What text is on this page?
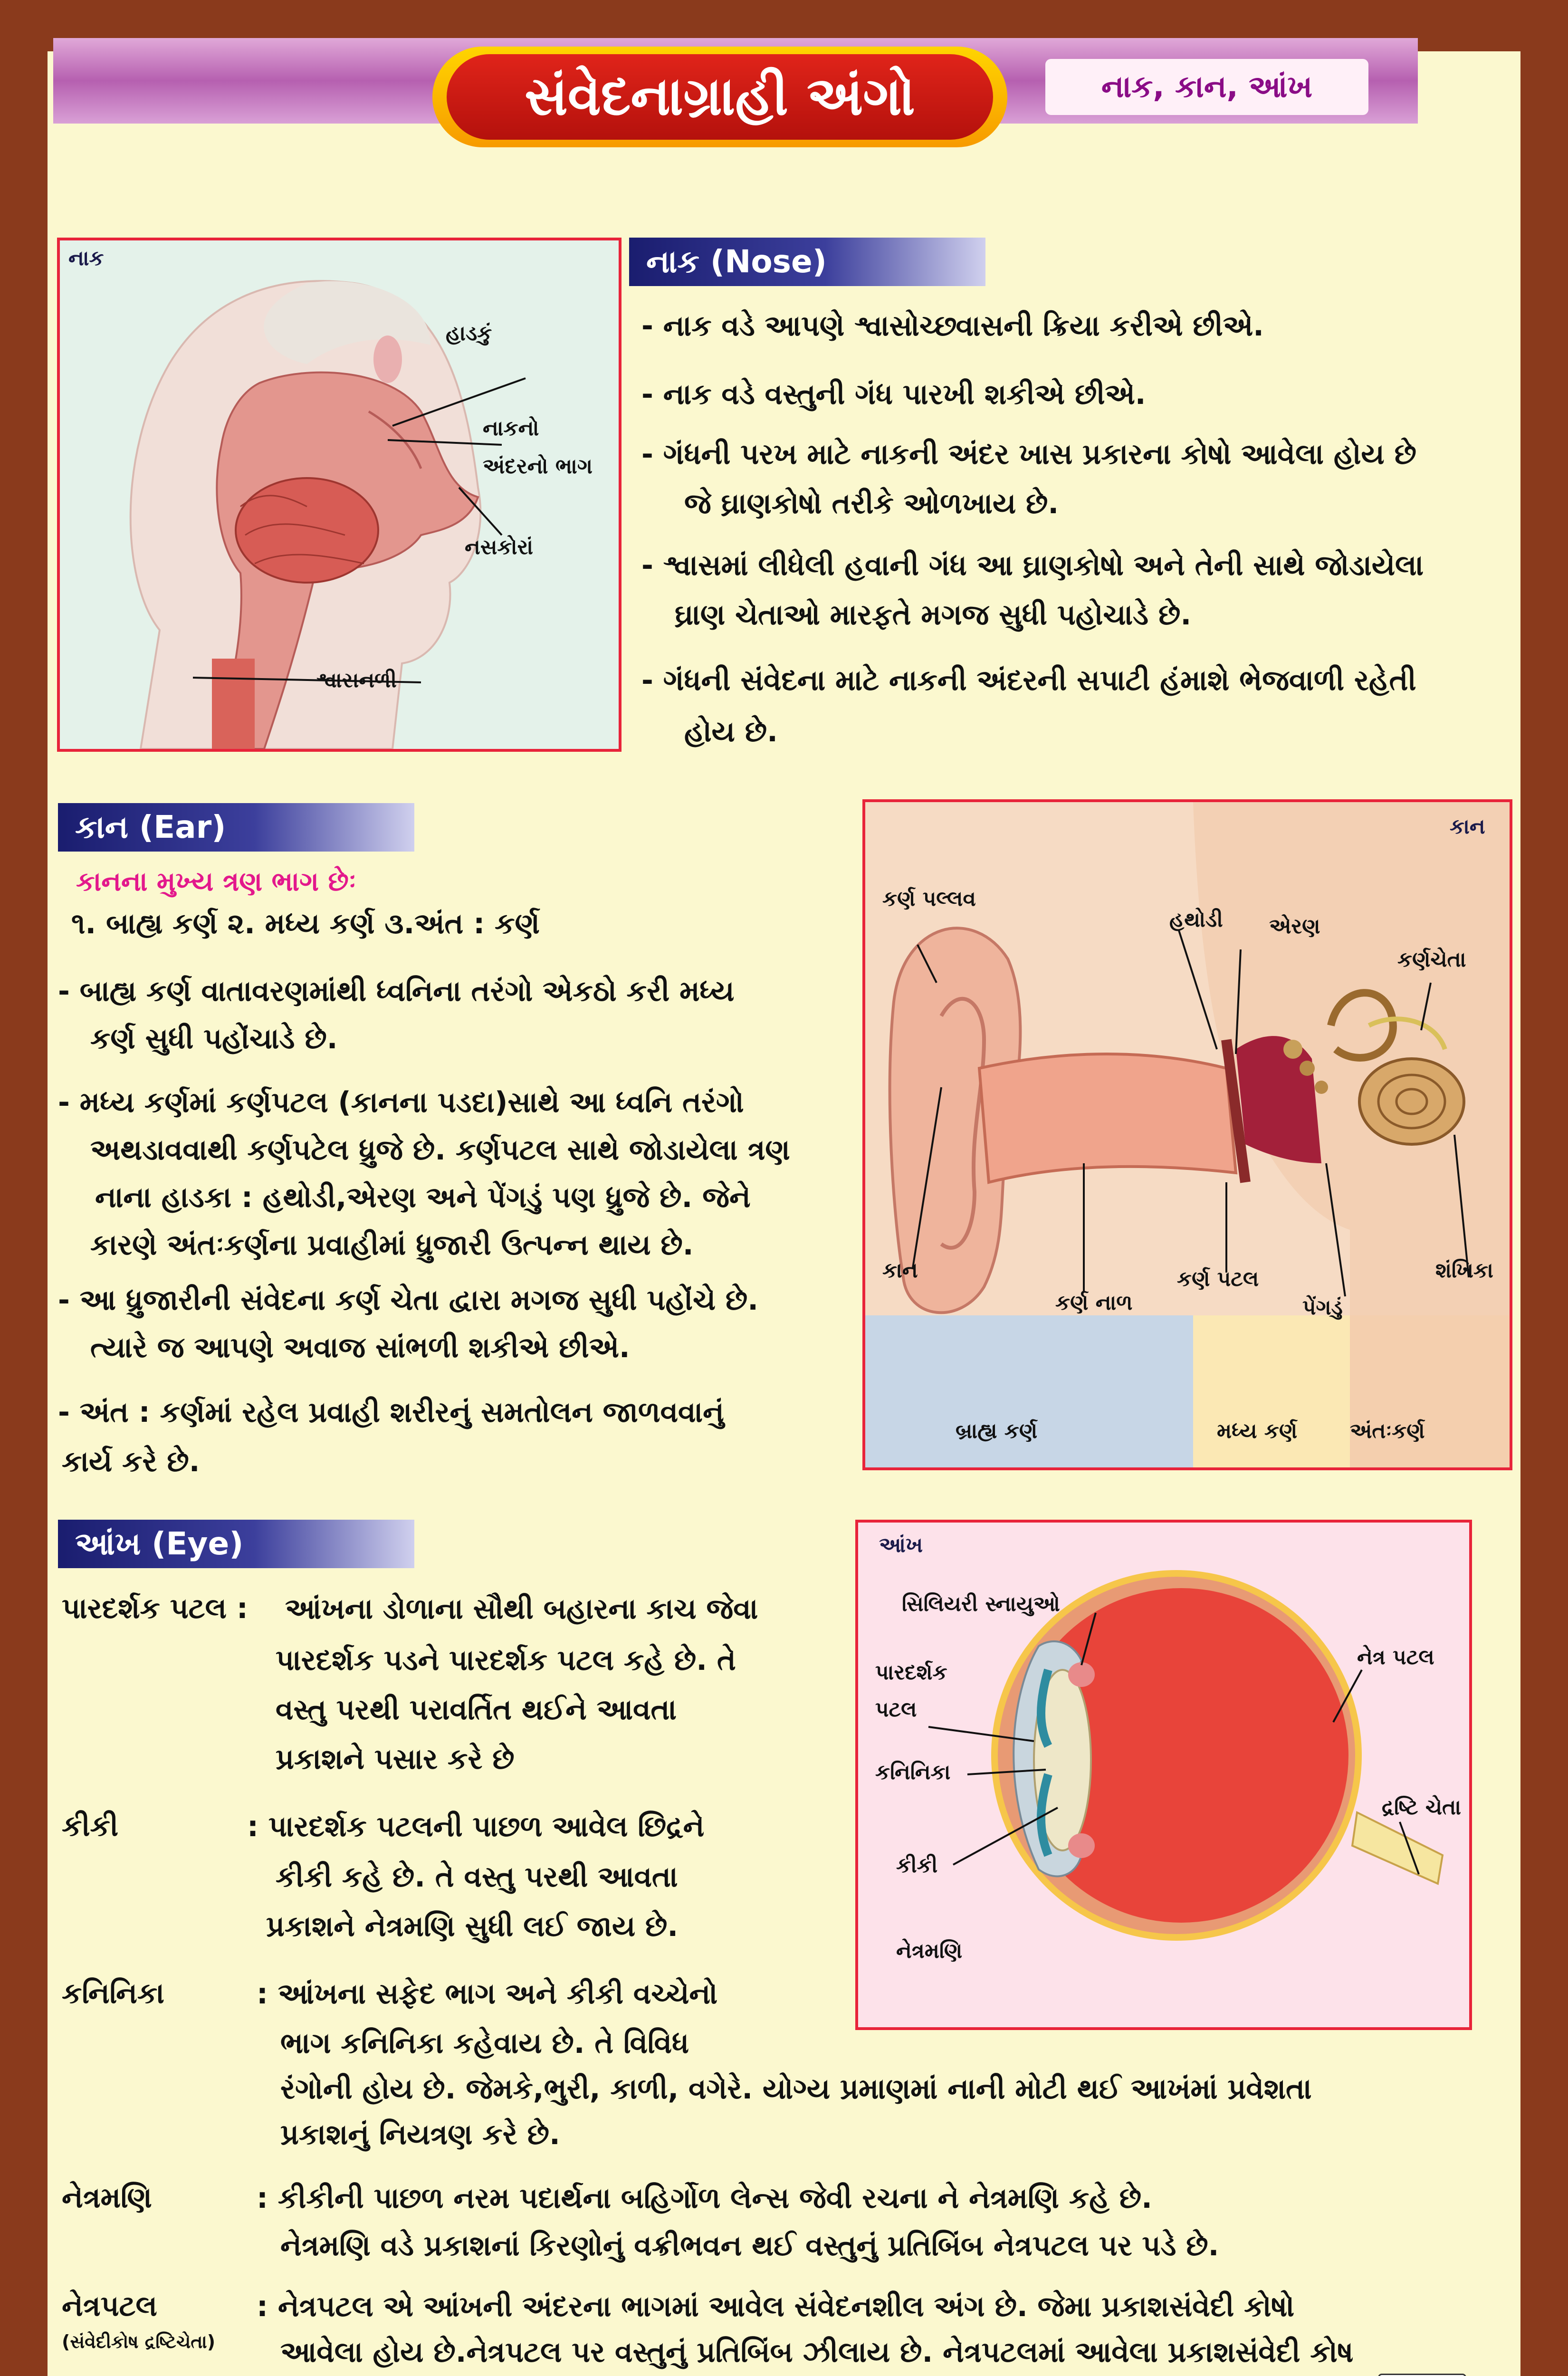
સંવેદનાગ્રાહી અંગો	નાક, કાન, આંખ
નાક
હાડકું
નાકનો
અંદરનો ભાગ
નસકોરાં
શ્વાસનળી
નાક (Nose)
- નાક વડે આપણે શ્વાસોચ્છ્વાસની ક્રિયા કરીએ છીએ.
- નાક વડે વસ્તુની ગંધ પારખી શકીએ છીએ.
- ગંધની પરખ માટે નાકની અંદર ખાસ પ્રકારના કોષો આવેલા હોય છે
જે ઘ્રાણકોષો તરીકે ઓળખાય છે.
- શ્વાસમાં લીધેલી હવાની ગંધ આ ઘ્રાણકોષો અને તેની સાથે જોડાયેલા
ઘ્રાણ ચેતાઓ મારફતે મગજ સુધી પહોચાડે છે.
- ગંધની સંવેદના માટે નાકની અંદરની સપાટી હંમાશે ભેજવાળી રહેતી
હોય છે.
કાન (Ear)
કાનના મુખ્ય ત્રણ ભાગ છેઃ
૧. બાહ્ય કર્ણ ૨. મધ્ય કર્ણ ૩.અંત : કર્ણ
- બાહ્ય કર્ણ વાતાવરણમાંથી ધ્વનિના તરંગો એકઠો કરી મધ્ય
કર્ણ સુધી પહોંચાડે છે.
- મધ્ય કર્ણમાં કર્ણપટલ (કાનના પડદા)સાથે આ ધ્વનિ તરંગો
અથડાવવાથી કર્ણપટેલ ધ્રુજે છે. કર્ણપટલ સાથે જોડાયેલા ત્રણ
નાના હાડકા : હથોડી,એરણ અને પેંગડું પણ ધ્રુજે છે. જેને
કારણે અંતઃકર્ણના પ્રવાહીમાં ધ્રુજારી ઉત્પન્ન થાય છે.
- આ ધ્રુજારીની સંવેદના કર્ણ ચેતા દ્વારા મગજ સુધી પહોંચે છે.
ત્યારે જ આપણે અવાજ સાંભળી શકીએ છીએ.
- અંત : કર્ણમાં રહેલ પ્રવાહી શરીરનું સમતોલન જાળવવાનું
કાર્ય કરે છે.
કાન
કર્ણ પલ્લવ
હથોડી એરણ
કર્ણચેતા
કાન
કર્ણ નાળ
કર્ણ પટલ
પેંગડું
શંખિકા
બ્રાહ્ય કર્ણ	મધ્ય કર્ણ	અંતઃકર્ણ
આંખ
સિલિયરી સ્નાયુઓ
પારદર્શક
પટલ
કનિનિકા
કીકી
નેત્રમણિ
નેત્ર પટલ
દ્રષ્ટિ ચેતા
આંખ (Eye)
પારદર્શક પટલ : આંખના ડોળાના સૌથી બહારના કાચ જેવા
પારદર્શક પડને પારદર્શક પટલ કહે છે. તે
વસ્તુ પરથી પરાવર્તિત થઈને આવતા
પ્રકાશને પસાર કરે છે
કીકી	: પારદર્શક પટલની પાછળ આવેલ છિદ્રને
કીકી કહે છે. તે વસ્તુ પરથી આવતા
પ્રકાશને નેત્રમણિ સુધી લઈ જાય છે.
કનિનિકા	: આંખના સફેદ ભાગ અને કીકી વચ્ચેનો
ભાગ કનિનિકા કહેવાય છે. તે વિવિધ
રંગોની હોય છે. જેમકે,ભુરી, કાળી, વગેરે. યોગ્ય પ્રમાણમાં નાની મોટી થઈ આખંમાં પ્રવેશતા
પ્રકાશનું નિયત્રણ કરે છે.
નેત્રમણિ	: કીકીની પાછળ નરમ પદાર્થના બહિર્ગોળ લેન્સ જેવી રચના ને નેત્રમણિ કહે છે.
નેત્રમણિ વડે પ્રકાશનાં કિરણોનું વક્રીભવન થઈ વસ્તુનું પ્રતિબિંબ નેત્રપટલ પર પડે છે.
નેત્રપટલ
(સંવેદીકોષ દ્રષ્ટિચેતા)
: નેત્રપટલ એ આંખની અંદરના ભાગમાં આવેલ સંવેદનશીલ અંગ છે. જેમા પ્રકાશસંવેદી કોષો
આવેલા હોય છે.નેત્રપટલ પર વસ્તુનું પ્રતિબિંબ ઝીલાય છે. નેત્રપટલમાં આવેલા પ્રકાશસંવેદી કોષ
